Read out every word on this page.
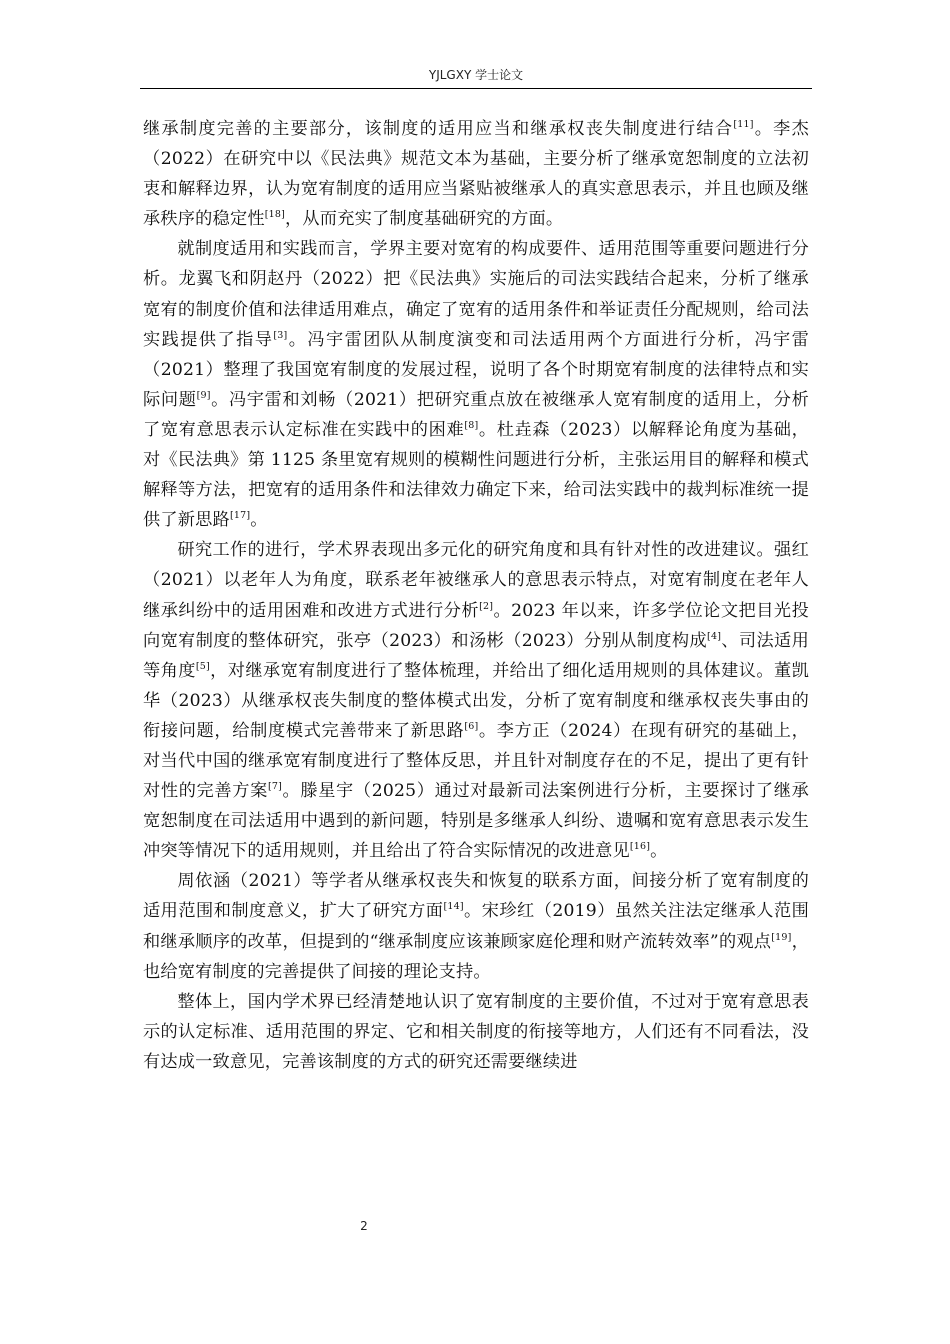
YJLGXY 学士论文

继承制度完善的主要部分，该制度的适用应当和继承权丧失制度进行结合[11]。李杰（2022）在研究中以《民法典》规范文本为基础，主要分析了继承宽恕制度的立法初衷和解释边界，认为宽宥制度的适用应当紧贴被继承人的真实意思表示，并且也顾及继承秩序的稳定性[18]，从而充实了制度基础研究的方面。

就制度适用和实践而言，学界主要对宽宥的构成要件、适用范围等重要问题进行分析。龙翼飞和阴赵丹（2022）把《民法典》实施后的司法实践结合起来，分析了继承宽宥的制度价值和法律适用难点，确定了宽宥的适用条件和举证责任分配规则，给司法实践提供了指导[3]。冯宇雷团队从制度演变和司法适用两个方面进行分析，冯宇雷（2021）整理了我国宽宥制度的发展过程，说明了各个时期宽宥制度的法律特点和实际问题[9]。冯宇雷和刘畅（2021）把研究重点放在被继承人宽宥制度的适用上，分析了宽宥意思表示认定标准在实践中的困难[8]。杜垚森（2023）以解释论角度为基础，对《民法典》第 1125 条里宽宥规则的模糊性问题进行分析，主张运用目的解释和模式解释等方法，把宽宥的适用条件和法律效力确定下来，给司法实践中的裁判标准统一提供了新思路[17]。

研究工作的进行，学术界表现出多元化的研究角度和具有针对性的改进建议。强红（2021）以老年人为角度，联系老年被继承人的意思表示特点，对宽宥制度在老年人继承纠纷中的适用困难和改进方式进行分析[2]。2023 年以来，许多学位论文把目光投向宽宥制度的整体研究，张亭（2023）和汤彬（2023）分别从制度构成[4]、司法适用等角度[5]，对继承宽宥制度进行了整体梳理，并给出了细化适用规则的具体建议。董凯华（2023）从继承权丧失制度的整体模式出发，分析了宽宥制度和继承权丧失事由的衔接问题，给制度模式完善带来了新思路[6]。李方正（2024）在现有研究的基础上，对当代中国的继承宽宥制度进行了整体反思，并且针对制度存在的不足，提出了更有针对性的完善方案[7]。滕星宇（2025）通过对最新司法案例进行分析，主要探讨了继承宽恕制度在司法适用中遇到的新问题，特别是多继承人纠纷、遗嘱和宽宥意思表示发生冲突等情况下的适用规则，并且给出了符合实际情况的改进意见[16]。

周依涵（2021）等学者从继承权丧失和恢复的联系方面，间接分析了宽宥制度的适用范围和制度意义，扩大了研究方面[14]。宋珍红（2019）虽然关注法定继承人范围和继承顺序的改革，但提到的“继承制度应该兼顾家庭伦理和财产流转效率”的观点[19]，也给宽宥制度的完善提供了间接的理论支持。

整体上，国内学术界已经清楚地认识了宽宥制度的主要价值，不过对于宽宥意思表示的认定标准、适用范围的界定、它和相关制度的衔接等地方，人们还有不同看法，没有达成一致意见，完善该制度的方式的研究还需要继续进

2
